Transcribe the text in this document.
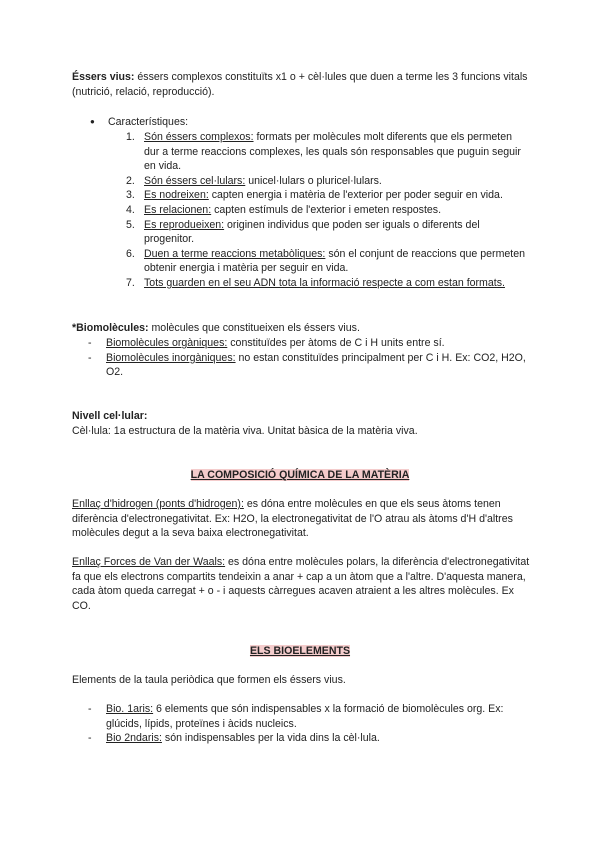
Éssers vius: éssers complexos constituïts x1 o + cèl·lules que duen a terme les 3 funcions vitals (nutrició, relació, reproducció).

●	Característiques:

1. Són éssers complexos: formats per molècules molt diferents que els permeten dur a terme reaccions complexes, les quals són responsables que puguin seguir en vida.
2. Són éssers cel·lulars: unicel·lulars o pluricel·lulars.
3. Es nodreixen: capten energia i matèria de l'exterior per poder seguir en vida.
4. Es relacionen: capten estímuls de l'exterior i emeten respostes.
5. Es reprodueixen: originen individus que poden ser iguals o diferents del progenitor.
6. Duen a terme reaccions metabòliques: són el conjunt de reaccions que permeten obtenir energia i matèria per seguir en vida.
7. Tots guarden en el seu ADN tota la informació respecte a com estan formats.

*Biomolècules: molècules que constitueixen els éssers vius.

- Biomolècules orgàniques: constituïdes per àtoms de C i H units entre sí.
- Biomolècules inorgàniques: no estan constituïdes principalment per C i H. Ex: CO2, H2O, O2.

Nivell cel·lular:

Cèl·lula: 1a estructura de la matèria viva. Unitat bàsica de la matèria viva.

LA COMPOSICIÓ QUÍMICA DE LA MATÈRIA

Enllaç d'hidrogen (ponts d'hidrogen): es dóna entre molècules en que els seus àtoms tenen diferència d'electronegativitat. Ex: H2O, la electronegativitat de l'O atrau als àtoms d'H d'altres molècules degut a la seva baixa electronegativitat.

Enllaç Forces de Van der Waals: es dóna entre molècules polars, la diferència d'electronegativitat fa que els electrons compartits tendeixin a anar + cap a un àtom que a l'altre. D'aquesta manera, cada àtom queda carregat + o - i aquests càrregues acaven atraient a les altres molècules. Ex CO.

ELS BIOELEMENTS

Elements de la taula periòdica que formen els éssers vius.

- Bio. 1aris: 6 elements que són indispensables x la formació de biomolècules org. Ex: glúcids, lípids, proteïnes i àcids nucleics.
- Bio 2ndaris: són indispensables per la vida dins la cèl·lula.
